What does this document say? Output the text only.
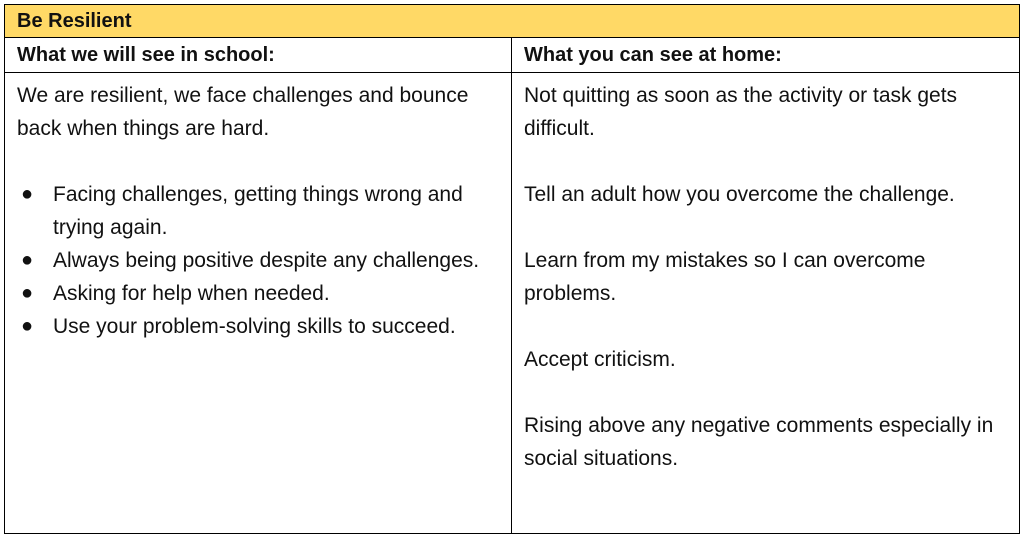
Be Resilient
What we will see in school:	What you can see at home:

We are resilient, we face challenges and bounce back when things are hard.

● Facing challenges, getting things wrong and trying again.
● Always being positive despite any challenges.
● Asking for help when needed.
● Use your problem-solving skills to succeed.

Not quitting as soon as the activity or task gets difficult.

Tell an adult how you overcome the challenge.

Learn from my mistakes so I can overcome problems.

Accept criticism.

Rising above any negative comments especially in social situations.
